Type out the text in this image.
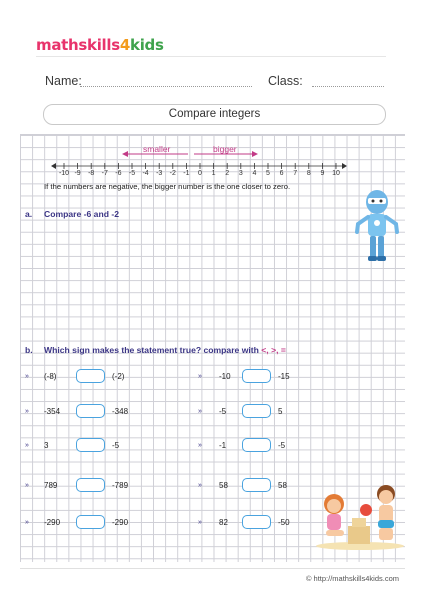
mathskills4kids
Name:	Class:
Compare integers
smaller	bigger
-10 -9 -8 -7 -6 -5 -4 -3 -2 -1 0 1 2 3 4 5 6 7 8 9 10
If the numbers are negative, the bigger number is the one closer to zero.
a. Compare -6 and -2
b. Which sign makes the statement true? compare with <, >, =
» (-8)	(-2)
» -354	-348
» 3	-5
» 789	-789
» -290	-290
» -10	-15
» -5	5
» -1	-5
» 58	58
» 82	-50
© http://mathskills4kids.com
